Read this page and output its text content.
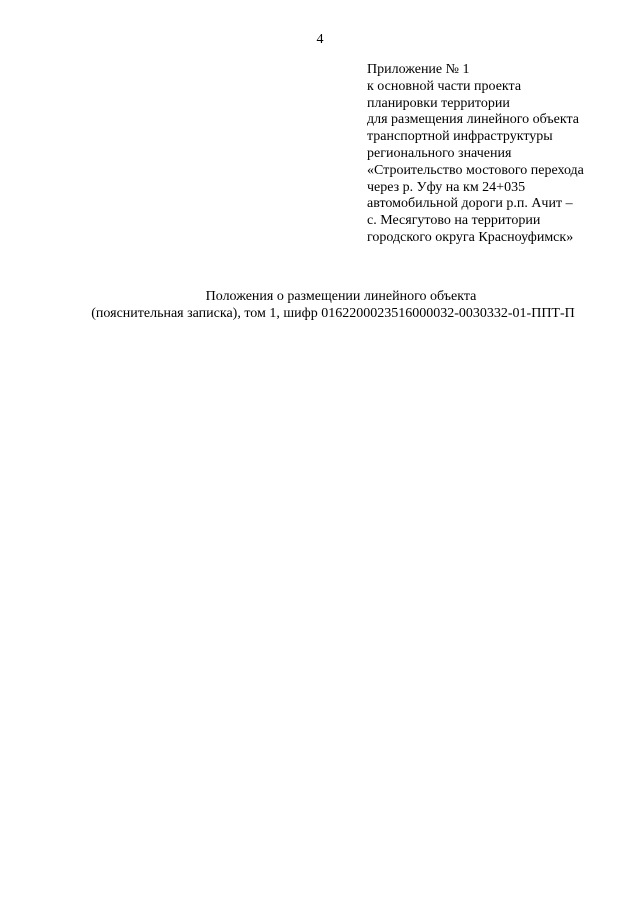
4
Приложение № 1
к основной части проекта
планировки территории
для размещения линейного объекта
транспортной инфраструктуры
регионального значения
«Строительство мостового перехода
через р. Уфу на км 24+035
автомобильной дороги р.п. Ачит –
с. Месягутово на территории
городского округа Красноуфимск»
Положения о размещении линейного объекта
(пояснительная записка), том 1, шифр 0162200023516000032-0030332-01-ППТ-П
